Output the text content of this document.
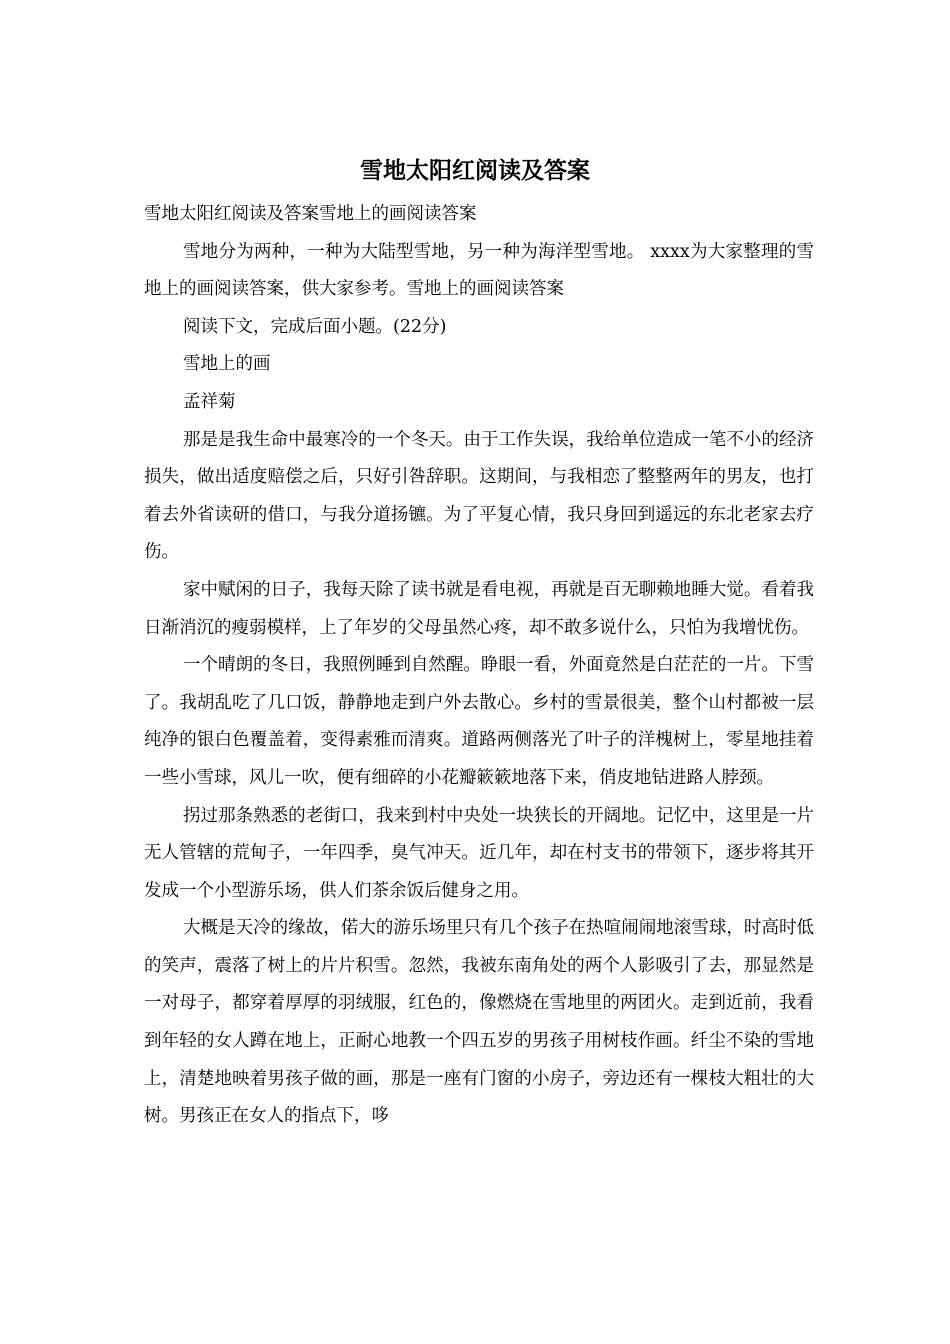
雪地太阳红阅读及答案

雪地太阳红阅读及答案雪地上的画阅读答案

雪地分为两种，一种为大陆型雪地，另一种为海洋型雪地。 xxxx为大家整理的雪地上的画阅读答案，供大家参考。雪地上的画阅读答案

阅读下文，完成后面小题。(22分)

雪地上的画

孟祥菊

那是是我生命中最寒冷的一个冬天。由于工作失误，我给单位造成一笔不小的经济损失，做出适度赔偿之后，只好引咎辞职。这期间，与我相恋了整整两年的男友，也打着去外省读研的借口，与我分道扬镳。为了平复心情，我只身回到遥远的东北老家去疗伤。

家中赋闲的日子，我每天除了读书就是看电视，再就是百无聊赖地睡大觉。看着我日渐消沉的瘦弱模样，上了年岁的父母虽然心疼，却不敢多说什么，只怕为我增忧伤。

一个晴朗的冬日，我照例睡到自然醒。睁眼一看，外面竟然是白茫茫的一片。下雪了。我胡乱吃了几口饭，静静地走到户外去散心。乡村的雪景很美，整个山村都被一层纯净的银白色覆盖着，变得素雅而清爽。道路两侧落光了叶子的洋槐树上，零星地挂着一些小雪球，风儿一吹，便有细碎的小花瓣簌簌地落下来，俏皮地钻进路人脖颈。

拐过那条熟悉的老街口，我来到村中央处一块狭长的开阔地。记忆中，这里是一片无人管辖的荒甸子，一年四季，臭气冲天。近几年，却在村支书的带领下，逐步将其开发成一个小型游乐场，供人们茶余饭后健身之用。

大概是天冷的缘故，偌大的游乐场里只有几个孩子在热喧闹闹地滚雪球，时高时低的笑声，震落了树上的片片积雪。忽然，我被东南角处的两个人影吸引了去，那显然是一对母子，都穿着厚厚的羽绒服，红色的，像燃烧在雪地里的两团火。走到近前，我看到年轻的女人蹲在地上，正耐心地教一个四五岁的男孩子用树枝作画。纤尘不染的雪地上，清楚地映着男孩子做的画，那是一座有门窗的小房子，旁边还有一棵枝大粗壮的大树。男孩正在女人的指点下，哆
